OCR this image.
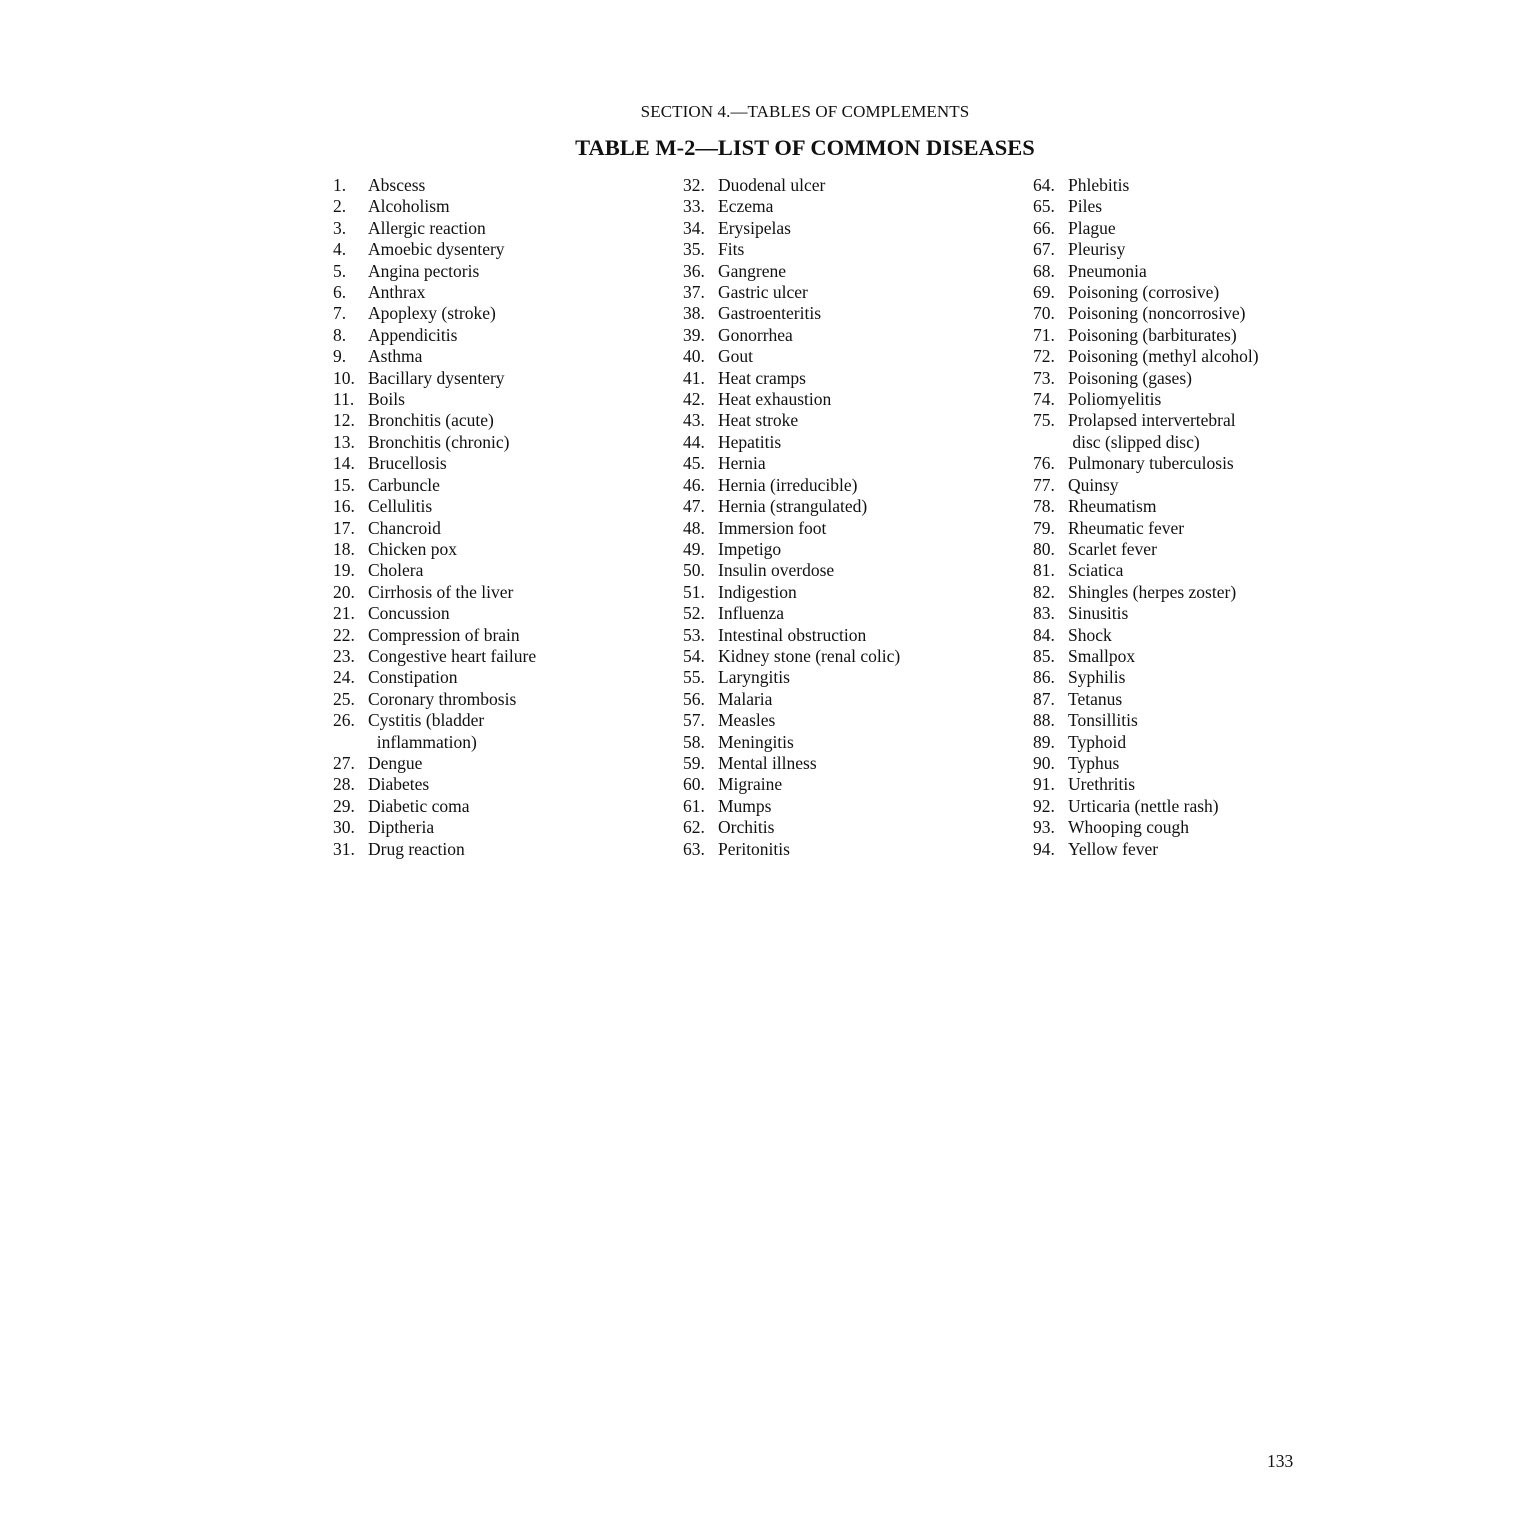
SECTION 4.—TABLES OF COMPLEMENTS
TABLE M-2—LIST OF COMMON DISEASES
1.	Abscess
2.	Alcoholism
3.	Allergic reaction
4.	Amoebic dysentery
5.	Angina pectoris
6.	Anthrax
7.	Apoplexy (stroke)
8.	Appendicitis
9.	Asthma
10. Bacillary dysentery
11. Boils
12. Bronchitis (acute)
13. Bronchitis (chronic)
14. Brucellosis
15. Carbuncle
16. Cellulitis
17. Chancroid
18. Chicken pox
19. Cholera
20. Cirrhosis of the liver
21. Concussion
22. Compression of brain
23. Congestive heart failure
24. Constipation
25. Coronary thrombosis
26. Cystitis (bladder
inflammation)
27. Dengue
28. Diabetes
29. Diabetic coma
30. Diptheria
31. Drug reaction
32. Duodenal ulcer
33. Eczema
34. Erysipelas
35. Fits
36. Gangrene
37. Gastric ulcer
38. Gastroenteritis
39. Gonorrhea
40. Gout
41. Heat cramps
42. Heat exhaustion
43. Heat stroke
44. Hepatitis
45. Hernia
46. Hernia (irreducible)
47. Hernia (strangulated)
48. Immersion foot
49. Impetigo
50. Insulin overdose
51. Indigestion
52. Influenza
53. Intestinal obstruction
54. Kidney stone (renal colic)
55. Laryngitis
56. Malaria
57. Measles
58. Meningitis
59. Mental illness
60. Migraine
61. Mumps
62. Orchitis
63. Peritonitis
64. Phlebitis
65. Piles
66. Plague
67. Pleurisy
68. Pneumonia
69. Poisoning (corrosive)
70. Poisoning (noncorrosive)
71. Poisoning (barbiturates)
72. Poisoning (methyl alcohol)
73. Poisoning (gases)
74. Poliomyelitis
75. Prolapsed intervertebral
disc (slipped disc)
76. Pulmonary tuberculosis
77. Quinsy
78. Rheumatism
79. Rheumatic fever
80. Scarlet fever
81. Sciatica
82. Shingles (herpes zoster)
83. Sinusitis
84. Shock
85. Smallpox
86. Syphilis
87. Tetanus
88. Tonsillitis
89. Typhoid
90. Typhus
91. Urethritis
92. Urticaria (nettle rash)
93. Whooping cough
94. Yellow fever
133
